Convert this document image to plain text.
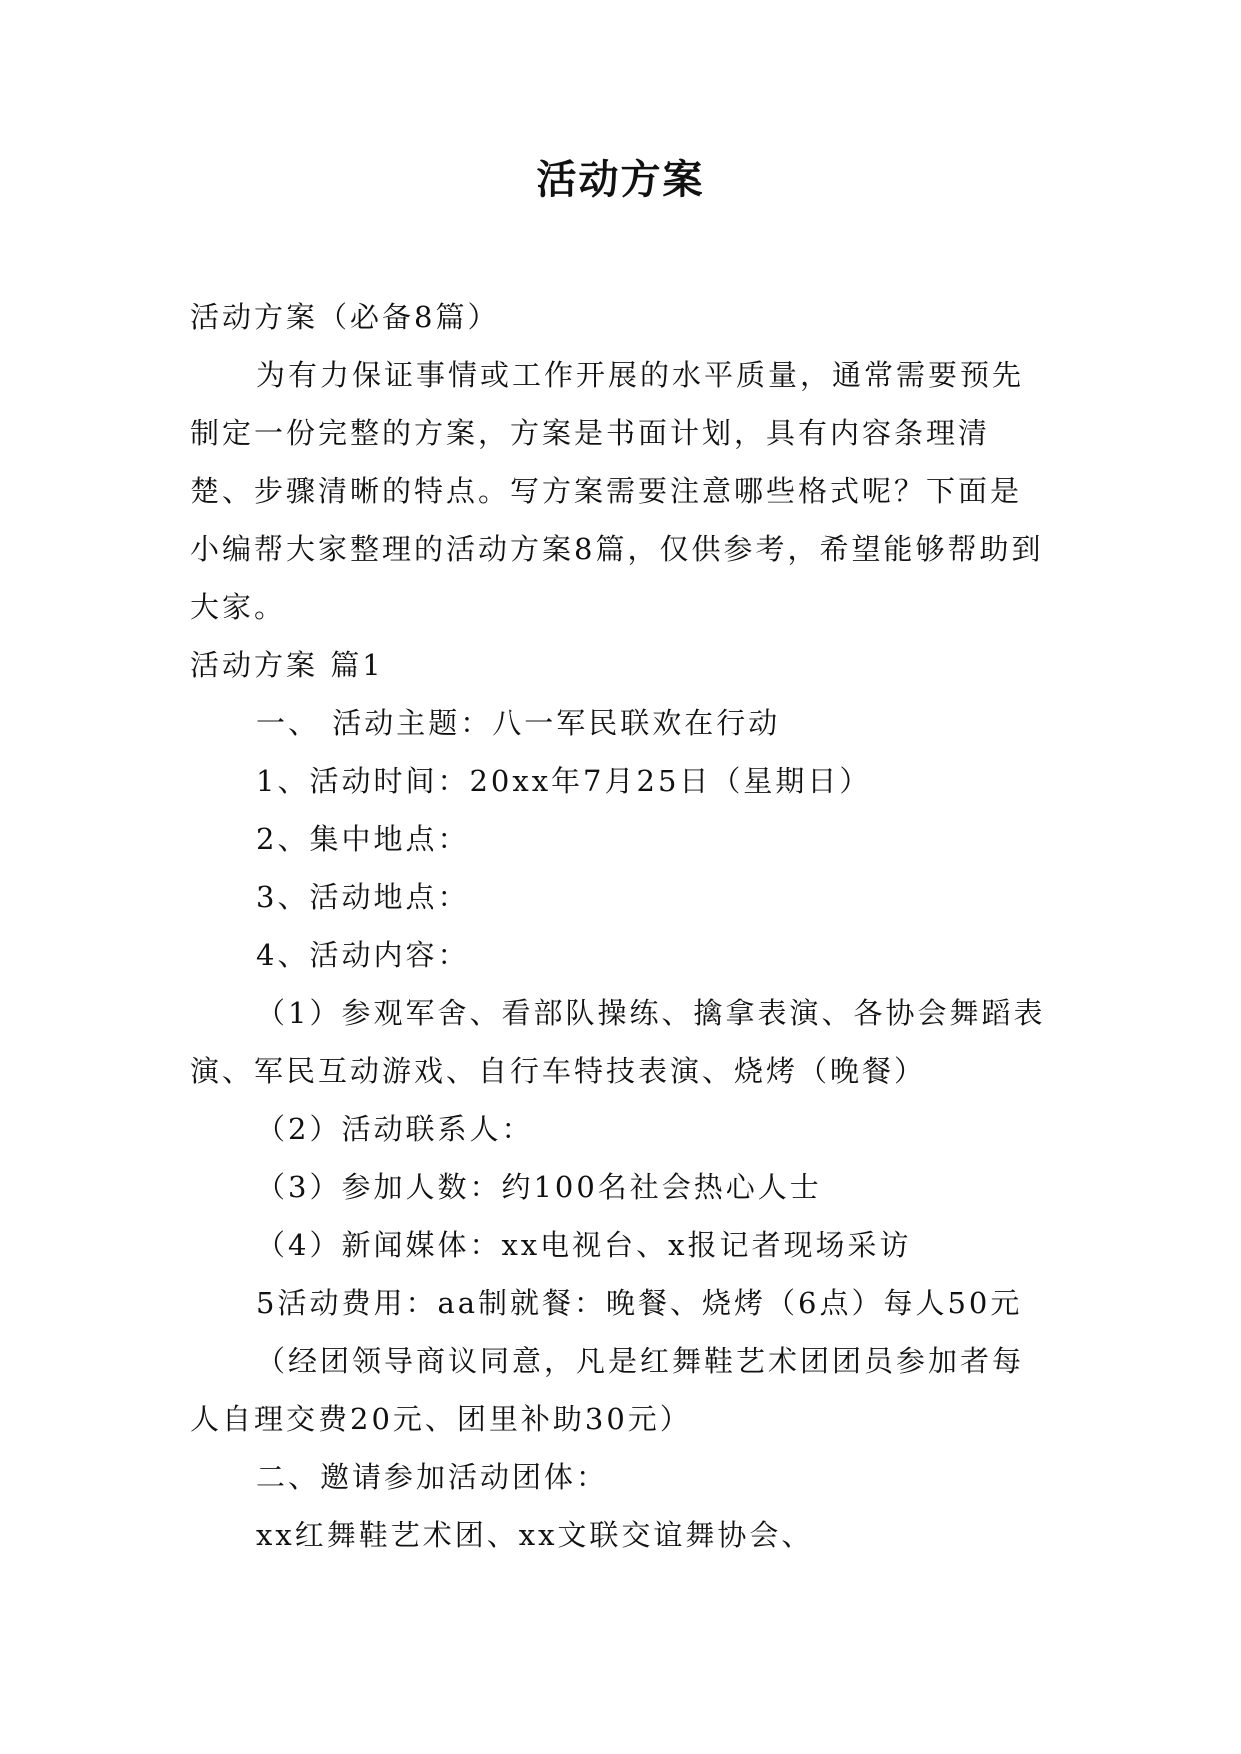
活动方案

活动方案（必备8篇）

为有力保证事情或工作开展的水平质量，通常需要预先制定一份完整的方案，方案是书面计划，具有内容条理清楚、步骤清晰的特点。写方案需要注意哪些格式呢？下面是小编帮大家整理的活动方案8篇，仅供参考，希望能够帮助到大家。

活动方案 篇1

一、 活动主题：八一军民联欢在行动

1、活动时间：20xx年7月25日（星期日）

2、集中地点：

3、活动地点：

4、活动内容：

（1）参观军舍、看部队操练、擒拿表演、各协会舞蹈表演、军民互动游戏、自行车特技表演、烧烤（晚餐）

（2）活动联系人：

（3）参加人数：约100名社会热心人士

（4）新闻媒体：xx电视台、x报记者现场采访

5活动费用：aa制就餐：晚餐、烧烤（6点）每人50元

（经团领导商议同意，凡是红舞鞋艺术团团员参加者每人自理交费20元、团里补助30元）

二、邀请参加活动团体：

xx红舞鞋艺术团、xx文联交谊舞协会、
